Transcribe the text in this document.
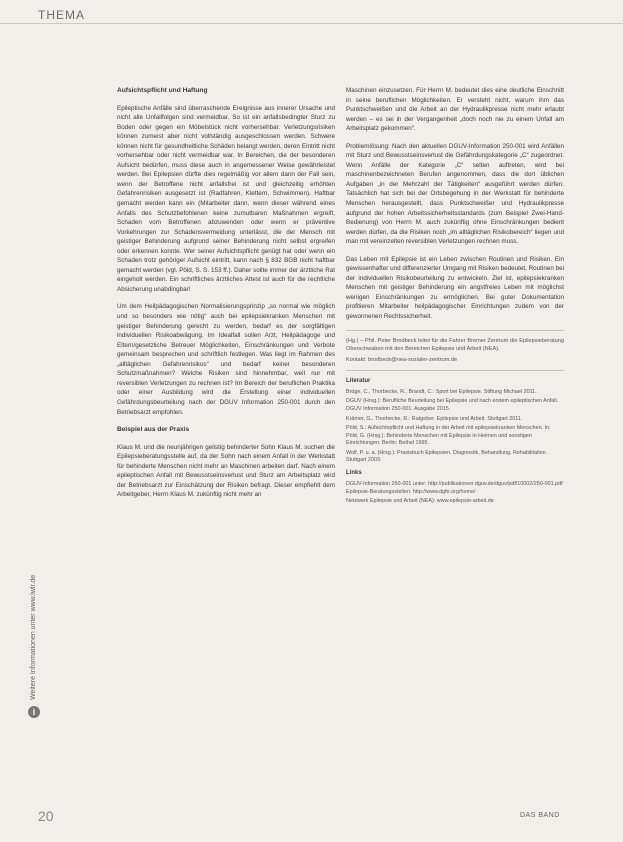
THEMA
Aufsichtspflicht und Haftung

Epileptische Anfälle sind überraschende Ereignisse aus innerer Ursache und nicht alle Unfallfolgen sind vermeidbar. So ist ein anfallsbedingter Sturz zu Boden oder gegen ein Möbelstück nicht vorhersehbar. Verletzungsrisiken können zumeist aber nicht vollständig ausgeschlossen werden. Schwere können nicht für gesundheitliche Schäden belangt werden, deren Eintritt nicht vorhersehbar oder nicht vermeidbar war. In Bereichen, die der besonderen Aufsicht bedürfen, muss diese auch in angemessener Weise gewährleistet werden. Bei Epilepsien dürfte dies regelmäßig vor allem dann der Fall sein, wenn der Betroffene nicht anfallsfrei ist und gleichzeitig erhöhten Gefahrenrisiken ausgesetzt ist (Radfahren, Klettern, Schwimmen). Haftbar gemacht werden kann ein (Mitarbeiter dann, wenn dieser während eines Anfalls des Schutzbefohlenen keine zumutbaren Maßnahmen ergreift, Schaden vom Betroffenen abzuwenden oder wenn er präventive Vorkehrungen zur Schadensvermeidung unterlässt, die der Mensch mit geistiger Behinderung aufgrund seiner Behinderung nicht selbst ergreifen oder erkennen konnte. Wer seiner Aufsichtspflicht genügt hat oder wenn ein Schaden trotz gehöriger Aufsicht eintritt, kann nach § 832 BGB nicht haftbar gemacht werden (vgl. Pöld, S. S. 153 ff.). Daher sollte immer der ärztliche Rat eingeholt werden. Ein schriftliches ärztliches Attest ist auch für die rechtliche Absicherung unabdingbar!

Um dem Heilpädagogischen Normalisierungsprinzip „so normal wie möglich und so besonders wie nötig“ auch bei epilepsiekranken Menschen mit geistiger Behinderung gerecht zu werden, bedarf es der sorgfältigen individuellen Risikoabwägung. Im Idealfall sollen Arzt, Heilpädagoge und Eltern/gesetzliche Betreuer Möglichkeiten, Einschränkungen und Verbote gemeinsam besprechen und schriftlich festlegen. Was liegt im Rahmen des „alltäglichen Gefahrenrisikos“ und bedarf keiner besonderen Schutzmaßnahmen? Welche Risiken sind hinnehmbar, weil nur mit reversiblen Verletzungen zu rechnen ist? Im Bereich der beruflichen Praktika oder einer Ausbildung wird die Erstellung einer individuellen Gefährdungsbeurteilung nach der DGUV Information 250-001 durch den Betriebsarzt empfohlen.

Beispiel aus der Praxis

Klaus M. und die neunjährigen gelistig behinderter Sohn Klaus M. suchen die Epilepsieberatungsstelle auf, da der Sohn nach einem Anfall in der Werkstatt für behinderte Menschen nicht mehr an Maschinen arbeiten darf. Nach einem epileptischen Anfall mit Bewusstseinsverlust und Sturz am Arbeitsplatz wird der Betriebsarzt zur Einschätzung der Risiken befragt. Dieser empfiehlt dem Arbeitgeber, Herrn Klaus M. zukünftig nicht mehr an

Maschinen einzusetzen. Für Herrn M. bedeutet dies eine deutliche Einschnitt in seine beruflichen Möglichkeiten. Er versteht nicht, warum ihm das Punktschweißen und die Arbeit an der Hydraulikpresse nicht mehr erlaubt werden – es sei in der Vergangenheit „doch noch nie zu einem Unfall am Arbeitsplatz gekommen“.

Problemlösung: Nach den aktuellen DGUV-Information 250-001 wird Anfällen mit Sturz und Bewusstseinsverlust die Gefährdungskategorie „C“ zugeordnet. Wenn Anfälle der Kategorie „C“ selten auftreten, wird bei maschinenbezeichneten Berufen angenommen, dass die dort üblichen Aufgaben „in der Mehrzahl der Tätigkeiten“ ausgeführt werden dürfen. Tatsächlich hat sich bei der Ortsbegehung in der Werkstatt für behinderte Menschen herausgestellt, dass Punktschweißer und Hydraulikpresse aufgrund der hohen Arbeitssicherheitsstandards (zum Beispiel Zwei-Hand-Bedienung) von Herrn M. auch zukünftig ohne Einschränkungen bedient werden dürfen, da die Risiken noch „im alltäglichen Risikobereich“ liegen und man mit vereinzelten reversiblen Verletzungen rechnen muss.

Das Leben mit Epilepsie ist ein Leben zwischen Routinen und Risiken. Ein gewissenhafter und differenzierter Umgang mit Risiken bedeutet, Routinen bei der individuellen Risikobeurteilung zu entwickeln. Ziel ist, epilepsiekranken Menschen mit geistiger Behinderung ein angstfreies Leben mit möglichst wenigen Einschränkungen zu ermöglichen. Bei guter Dokumentation profitieren Mitarbeiter heilpädagogischer Einrichtungen zudem von der gewonnenen Rechtssicherheit.

(Hg.) – Phil. Peter Brodbeck leitet für die Fahrer Bremer Zentrum die Epilepsieberatung Oberschwaben mit den Bereichen Epilepsie und Arbeit (NEA).

Kontakt: brodbeck@nea-sozialer-zentrum.de

Literatur

Brüge, C., Thorbecke, R., Brandt, C.: Sport bei Epilepsie. Stiftung Michael 2011.

DGUV (Hrsg.): Berufliche Beurteilung bei Epilepsie und nach erstem epileptischen Anfall. DGUV Information 250-001. Ausgabe 2015.

Krämer, G., Thorbecke, R.: Ratgeber. Epilepsie und Arbeit. Stuttgart 2011.

Pöld, S.: Aufsichtspflicht und Haftung in der Arbeit mit epilepsiekranken Menschen. In: Pöld, G. (Hrsg.): Behinderte Menschen mit Epilepsie in Heimen und sonstigen Einrichtungen. Berlin: Bethel 1995.

Wolf, P. u. a. (Hrsg.): Praxisbuch Epilepsien. Diagnostik, Behandlung, Rehabilitation. Stuttgart 2003.

Links

DGUV-Information 250-001 unter: http://publikationen.dguv.de/dguv/pdf/10002/250-001.pdf

Epilepsie-Beratungsstellen: http://www.dgfe.org/home/

Netzwerk Epilepsie und Arbeit (NEA): www.epilepsie-arbeit.de

Weitere Informationen unter www.lwlr.de
i
20	DAS BAND
